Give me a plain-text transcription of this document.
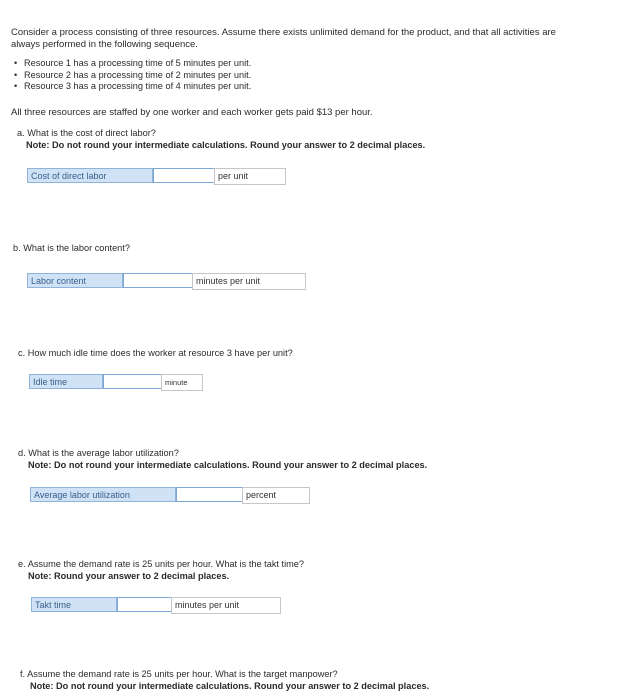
Consider a process consisting of three resources. Assume there exists unlimited demand for the product, and that all activities are
always performed in the following sequence.
• Resource 1 has a processing time of 5 minutes per unit.
• Resource 2 has a processing time of 2 minutes per unit.
• Resource 3 has a processing time of 4 minutes per unit.
All three resources are staffed by one worker and each worker gets paid $13 per hour.
a. What is the cost of direct labor?
Note: Do not round your intermediate calculations. Round your answer to 2 decimal places.
Cost of direct labor	per unit
b. What is the labor content?
Labor content	minutes per unit
c. How much idle time does the worker at resource 3 have per unit?
Idle time	minute
d. What is the average labor utilization?
Note: Do not round your intermediate calculations. Round your answer to 2 decimal places.
Average labor utilization	percent
e. Assume the demand rate is 25 units per hour. What is the takt time?
Note: Round your answer to 2 decimal places.
Takt time	minutes per unit
f. Assume the demand rate is 25 units per hour. What is the target manpower?
Note: Do not round your intermediate calculations. Round your answer to 2 decimal places.
